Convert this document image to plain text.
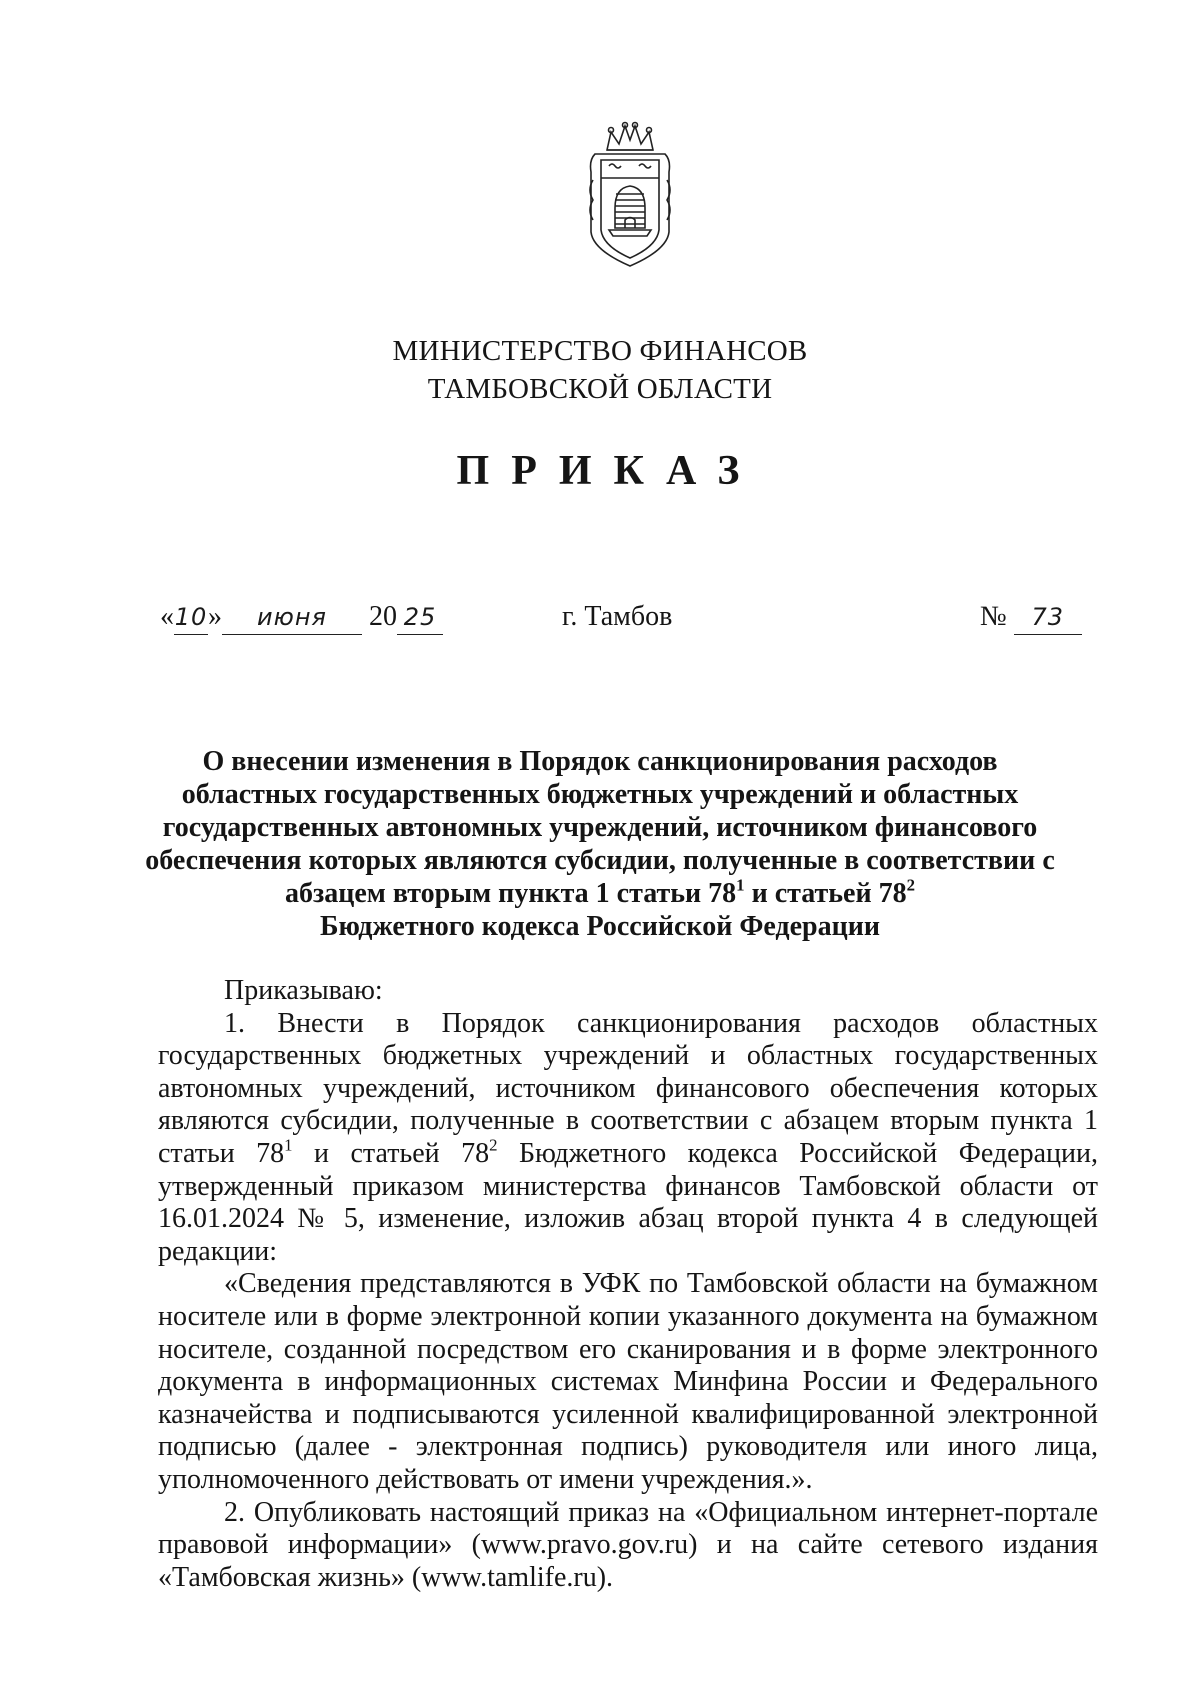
МИНИСТЕРСТВО ФИНАНСОВ
ТАМБОВСКОЙ ОБЛАСТИ
ПРИКАЗ
«10» июня 20 25	г. Тамбов	№ 73
О внесении изменения в Порядок санкционирования расходов
областных государственных бюджетных учреждений и областных
государственных автономных учреждений, источником финансового
обеспечения которых являются субсидии, полученные в соответствии с
абзацем вторым пункта 1 статьи $78^1$ и статьей $78^2$
Бюджетного кодекса Российской Федерации

Приказываю:

1. Внести в Порядок санкционирования расходов областных государственных бюджетных учреждений и областных государственных автономных учреждений, источником финансового обеспечения которых являются субсидии, полученные в соответствии с абзацем вторым пункта 1 статьи $78^1$ и статьей $78^2$ Бюджетного кодекса Российской Федерации, утвержденный приказом министерства финансов Тамбовской области от 16.01.2024 № 5, изменение, изложив абзац второй пункта 4 в следующей редакции:

«Сведения представляются в УФК по Тамбовской области на бумажном носителе или в форме электронной копии указанного документа на бумажном носителе, созданной посредством его сканирования и в форме электронного документа в информационных системах Минфина России и Федерального казначейства и подписываются усиленной квалифицированной электронной подписью (далее - электронная подпись) руководителя или иного лица, уполномоченного действовать от имени учреждения.».

2. Опубликовать настоящий приказ на «Официальном интернет-портале правовой информации» (www.pravo.gov.ru) и на сайте сетевого издания «Тамбовская жизнь» (www.tamlife.ru).
